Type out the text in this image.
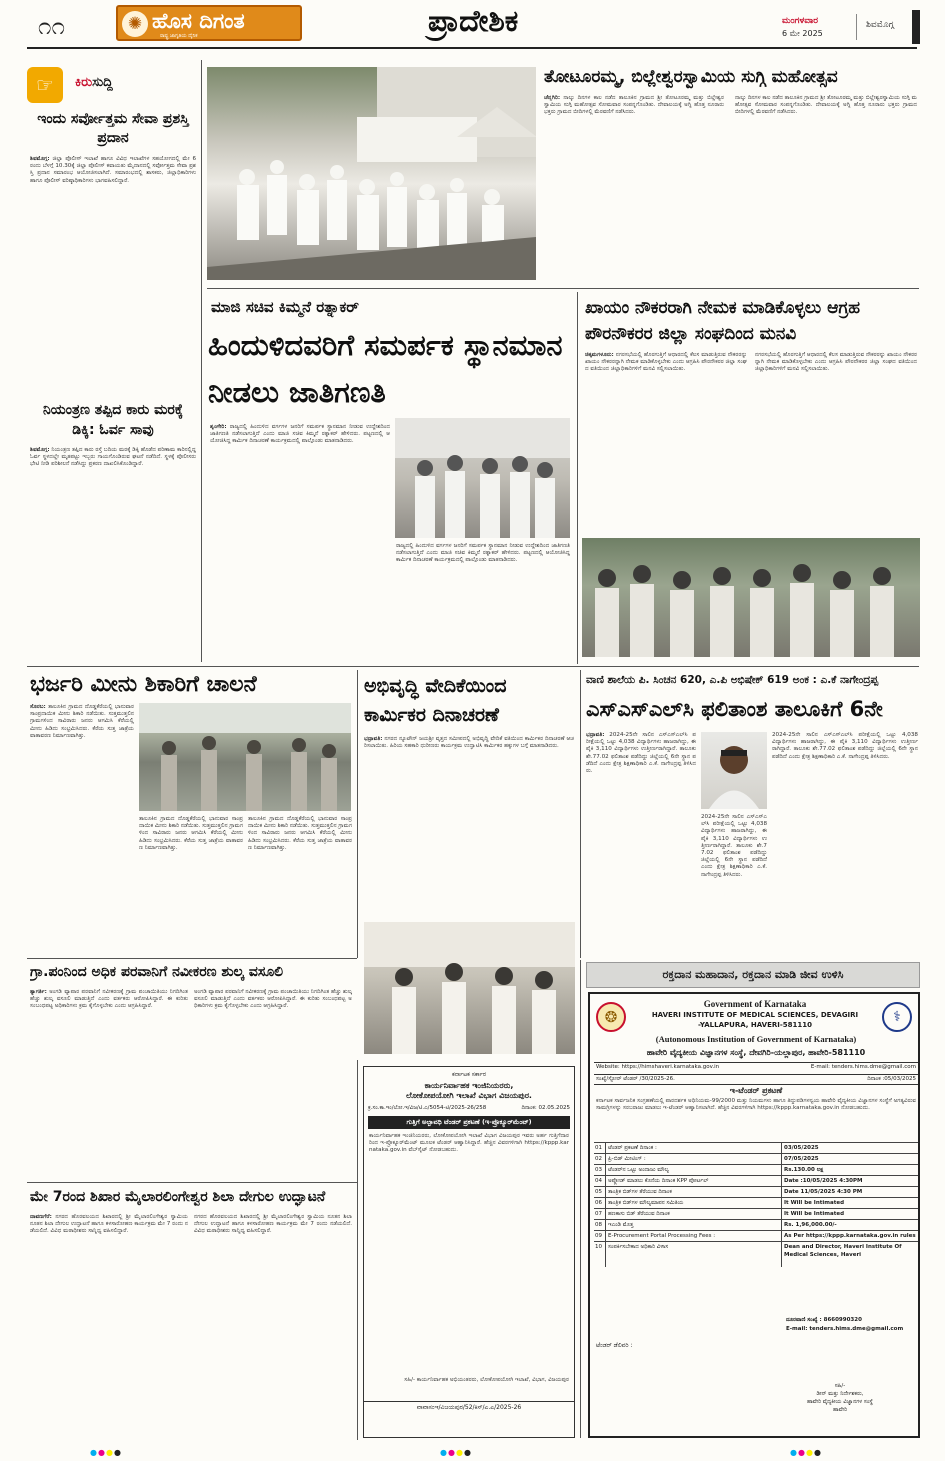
೧೧	✺ ಹೊಸ ದಿಗಂತ
ರಾಷ್ಟ್ರ ಜಾಗೃತಿಯ ದೈನಿಕ	ಪ್ರಾದೇಶಿಕ	ಮಂಗಳವಾರ
6 ಮೇ 2025
ಶಿವಮೊಗ್ಗ
☞	ಕಿರುಸುದ್ದಿ
ಇಂದು ಸರ್ವೋತ್ತಮ ಸೇವಾ ಪ್ರಶಸ್ತಿ ಪ್ರದಾನ
ಶಿವಮೊಗ್ಗ: ಜಿಲ್ಲಾ ಪೊಲೀಸ್ ಇಲಾಖೆ ಹಾಗೂ ವಿವಿಧ ಇಲಾಖೆಗಳ ಸಹಯೋಗದಲ್ಲಿ ಮೇ 6 ರಂದು ಬೆಳಗ್ಗೆ 10.30ಕ್ಕೆ ಜಿಲ್ಲಾ ಪೊಲೀಸ್ ಕವಾಯತು ಮೈದಾನದಲ್ಲಿ ಸರ್ವೋತ್ತಮ ಸೇವಾ ಪ್ರಶಸ್ತಿ ಪ್ರದಾನ ಸಮಾರಂಭ ಆಯೋಜಿಸಲಾಗಿದೆ. ಸಮಾರಂಭದಲ್ಲಿ ಶಾಸಕರು, ಜಿಲ್ಲಾಧಿಕಾರಿಗಳು ಹಾಗೂ ಪೊಲೀಸ್ ವರಿಷ್ಠಾಧಿಕಾರಿಗಳು ಭಾಗವಹಿಸಲಿದ್ದಾರೆ.
ನಿಯಂತ್ರಣ ತಪ್ಪಿದ ಕಾರು ಮರಕ್ಕೆ ಡಿಕ್ಕಿ: ಓರ್ವ ಸಾವು
ಶಿವಮೊಗ್ಗ: ನಿಯಂತ್ರಣ ತಪ್ಪಿದ ಕಾರು ರಸ್ತೆ ಬದಿಯ ಮರಕ್ಕೆ ಡಿಕ್ಕಿ ಹೊಡೆದ ಪರಿಣಾಮ ಕಾರಿನಲ್ಲಿದ್ದ ಓರ್ವ ಸ್ಥಳದಲ್ಲೇ ಮೃತಪಟ್ಟು ಇಬ್ಬರು ಗಾಯಗೊಂಡಿರುವ ಘಟನೆ ನಡೆದಿದೆ. ಸ್ಥಳಕ್ಕೆ ಪೊಲೀಸರು ಭೇಟಿ ನೀಡಿ ಪರಿಶೀಲನೆ ನಡೆಸಿದ್ದು ಪ್ರಕರಣ ದಾಖಲಿಸಿಕೊಂಡಿದ್ದಾರೆ.
ತೋಟೂರಮ್ಮ, ಬಿಲ್ಲೇಶ್ವರಸ್ವಾಮಿಯ ಸುಗ್ಗಿ ಮಹೋತ್ಸವ
ಚೆನ್ನಗಿರಿ: ನಾಲ್ಕು ದಿನಗಳ ಕಾಲ ನಡೆದ ತಾಲೂಕಿನ ಗ್ರಾಮದ ಶ್ರೀ ತೋಟೂರಮ್ಮ ಮತ್ತು ಬಿಲ್ಲೇಶ್ವರಸ್ವಾಮಿಯ ಸುಗ್ಗಿ ಮಹೋತ್ಸವ ಸೋಮವಾರ ಸಂಪನ್ನಗೊಂಡಿತು. ದೇವಾಲಯಕ್ಕೆ ಅಗ್ನಿ ಹೊತ್ತ ನೂರಾರು ಭಕ್ತರು ಗ್ರಾಮದ ಬೀದಿಗಳಲ್ಲಿ ಮೆರವಣಿಗೆ ನಡೆಸಿದರು.
ನಾಲ್ಕು ದಿನಗಳ ಕಾಲ ನಡೆದ ತಾಲೂಕಿನ ಗ್ರಾಮದ ಶ್ರೀ ತೋಟೂರಮ್ಮ ಮತ್ತು ಬಿಲ್ಲೇಶ್ವರಸ್ವಾಮಿಯ ಸುಗ್ಗಿ ಮಹೋತ್ಸವ ಸೋಮವಾರ ಸಂಪನ್ನಗೊಂಡಿತು. ದೇವಾಲಯಕ್ಕೆ ಅಗ್ನಿ ಹೊತ್ತ ನೂರಾರು ಭಕ್ತರು ಗ್ರಾಮದ ಬೀದಿಗಳಲ್ಲಿ ಮೆರವಣಿಗೆ ನಡೆಸಿದರು.
ಮಾಜಿ ಸಚಿವ ಕಿಮ್ಮನೆ ರತ್ನಾಕರ್
ಹಿಂದುಳಿದವರಿಗೆ ಸಮರ್ಪಕ ಸ್ಥಾನಮಾನ ನೀಡಲು ಜಾತಿಗಣತಿ
ಶೃಂಗೇರಿ: ರಾಜ್ಯದಲ್ಲಿ ಹಿಂದುಳಿದ ವರ್ಗಗಳ ಜನರಿಗೆ ಸಮರ್ಪಕ ಸ್ಥಾನಮಾನ ನೀಡುವ ಉದ್ದೇಶದಿಂದ ಜಾತಿಗಣತಿ ನಡೆಸಲಾಗುತ್ತಿದೆ ಎಂದು ಮಾಜಿ ಸಚಿವ ಕಿಮ್ಮನೆ ರತ್ನಾಕರ್ ಹೇಳಿದರು. ಪಟ್ಟಣದಲ್ಲಿ ಆಯೋಜಿಸಿದ್ದ ಕಾರ್ಮಿಕ ದಿನಾಚರಣೆ ಕಾರ್ಯಕ್ರಮದಲ್ಲಿ ಪಾಲ್ಗೊಂಡು ಮಾತನಾಡಿದರು.
ರಾಜ್ಯದಲ್ಲಿ ಹಿಂದುಳಿದ ವರ್ಗಗಳ ಜನರಿಗೆ ಸಮರ್ಪಕ ಸ್ಥಾನಮಾನ ನೀಡುವ ಉದ್ದೇಶದಿಂದ ಜಾತಿಗಣತಿ ನಡೆಸಲಾಗುತ್ತಿದೆ ಎಂದು ಮಾಜಿ ಸಚಿವ ಕಿಮ್ಮನೆ ರತ್ನಾಕರ್ ಹೇಳಿದರು. ಪಟ್ಟಣದಲ್ಲಿ ಆಯೋಜಿಸಿದ್ದ ಕಾರ್ಮಿಕ ದಿನಾಚರಣೆ ಕಾರ್ಯಕ್ರಮದಲ್ಲಿ ಪಾಲ್ಗೊಂಡು ಮಾತನಾಡಿದರು.
ಖಾಯಂ ನೌಕರರಾಗಿ ನೇಮಕ ಮಾಡಿಕೊಳ್ಳಲು ಆಗ್ರಹ ಪೌರನೌಕರರ ಜಿಲ್ಲಾ ಸಂಘದಿಂದ ಮನವಿ
ಚಿಕ್ಕಮಗಳೂರು: ನಗರಸಭೆಯಲ್ಲಿ ಹೊರಗುತ್ತಿಗೆ ಆಧಾರದಲ್ಲಿ ಕೆಲಸ ಮಾಡುತ್ತಿರುವ ನೌಕರರನ್ನು ಖಾಯಂ ನೌಕರರನ್ನಾಗಿ ನೇಮಕ ಮಾಡಿಕೊಳ್ಳಬೇಕು ಎಂದು ಆಗ್ರಹಿಸಿ ಪೌರನೌಕರರ ಜಿಲ್ಲಾ ಸಂಘದ ವತಿಯಿಂದ ಜಿಲ್ಲಾಧಿಕಾರಿಗಳಿಗೆ ಮನವಿ ಸಲ್ಲಿಸಲಾಯಿತು.
ನಗರಸಭೆಯಲ್ಲಿ ಹೊರಗುತ್ತಿಗೆ ಆಧಾರದಲ್ಲಿ ಕೆಲಸ ಮಾಡುತ್ತಿರುವ ನೌಕರರನ್ನು ಖಾಯಂ ನೌಕರರನ್ನಾಗಿ ನೇಮಕ ಮಾಡಿಕೊಳ್ಳಬೇಕು ಎಂದು ಆಗ್ರಹಿಸಿ ಪೌರನೌಕರರ ಜಿಲ್ಲಾ ಸಂಘದ ವತಿಯಿಂದ ಜಿಲ್ಲಾಧಿಕಾರಿಗಳಿಗೆ ಮನವಿ ಸಲ್ಲಿಸಲಾಯಿತು.
ಭರ್ಜರಿ ಮೀನು ಶಿಕಾರಿಗೆ ಚಾಲನೆ
ಸೊರಬ: ತಾಲೂಕಿನ ಗ್ರಾಮದ ದೊಡ್ಡಕೆರೆಯಲ್ಲಿ ಭಾನುವಾರ ಸಾಂಪ್ರದಾಯಿಕ ಮೀನು ಶಿಕಾರಿ ನಡೆಯಿತು. ಸುತ್ತಮುತ್ತಲಿನ ಗ್ರಾಮಗಳಿಂದ ಸಾವಿರಾರು ಜನರು ಆಗಮಿಸಿ ಕೆರೆಯಲ್ಲಿ ಮೀನು ಹಿಡಿದು ಸಂಭ್ರಮಿಸಿದರು. ಕೆರೆಯ ಸುತ್ತ ಜಾತ್ರೆಯ ವಾತಾವರಣ ನಿರ್ಮಾಣವಾಗಿತ್ತು.
ತಾಲೂಕಿನ ಗ್ರಾಮದ ದೊಡ್ಡಕೆರೆಯಲ್ಲಿ ಭಾನುವಾರ ಸಾಂಪ್ರದಾಯಿಕ ಮೀನು ಶಿಕಾರಿ ನಡೆಯಿತು. ಸುತ್ತಮುತ್ತಲಿನ ಗ್ರಾಮಗಳಿಂದ ಸಾವಿರಾರು ಜನರು ಆಗಮಿಸಿ ಕೆರೆಯಲ್ಲಿ ಮೀನು ಹಿಡಿದು ಸಂಭ್ರಮಿಸಿದರು. ಕೆರೆಯ ಸುತ್ತ ಜಾತ್ರೆಯ ವಾತಾವರಣ ನಿರ್ಮಾಣವಾಗಿತ್ತು.
ತಾಲೂಕಿನ ಗ್ರಾಮದ ದೊಡ್ಡಕೆರೆಯಲ್ಲಿ ಭಾನುವಾರ ಸಾಂಪ್ರದಾಯಿಕ ಮೀನು ಶಿಕಾರಿ ನಡೆಯಿತು. ಸುತ್ತಮುತ್ತಲಿನ ಗ್ರಾಮಗಳಿಂದ ಸಾವಿರಾರು ಜನರು ಆಗಮಿಸಿ ಕೆರೆಯಲ್ಲಿ ಮೀನು ಹಿಡಿದು ಸಂಭ್ರಮಿಸಿದರು. ಕೆರೆಯ ಸುತ್ತ ಜಾತ್ರೆಯ ವಾತಾವರಣ ನಿರ್ಮಾಣವಾಗಿತ್ತು.
ಅಭಿವೃದ್ಧಿ ವೇದಿಕೆಯಿಂದ ಕಾರ್ಮಿಕರ ದಿನಾಚರಣೆ
ಭದ್ರಾವತಿ: ನಗರದ ನ್ಯೂಟೌನ್ ಜಯಶ್ರೀ ವೃತ್ತದ ಸಮೀಪದಲ್ಲಿ ಅಭಿವೃದ್ಧಿ ವೇದಿಕೆ ವತಿಯಿಂದ ಕಾರ್ಮಿಕರ ದಿನಾಚರಣೆ ಆಚರಿಸಲಾಯಿತು. ಹಿರಿಯ ಸಹಕಾರಿ ಧುರೀಣರು ಕಾರ್ಯಕ್ರಮ ಉದ್ಘಾಟಿಸಿ ಕಾರ್ಮಿಕರ ಹಕ್ಕುಗಳ ಬಗ್ಗೆ ಮಾತನಾಡಿದರು.
ವಾಣಿ ಶಾಲೆಯ ಪಿ. ಸಿಂಚನ 620, ಎ.ಪಿ ಅಭಿಷೇಕ್ 619 ಅಂಕ : ಎ.ಕೆ ನಾಗೇಂದ್ರಪ್ಪ
ಎಸ್ಎಸ್ಎಲ್‌ಸಿ ಫಲಿತಾಂಶ ತಾಲೂಕಿಗೆ 6ನೇ
ಭದ್ರಾವತಿ: 2024-25ನೇ ಸಾಲಿನ ಎಸ್ಎಸ್ಎಲ್‌ಸಿ ಪರೀಕ್ಷೆಯಲ್ಲಿ ಒಟ್ಟು 4,038 ವಿದ್ಯಾರ್ಥಿಗಳು ಹಾಜರಾಗಿದ್ದು, ಈ ಪೈಕಿ 3,110 ವಿದ್ಯಾರ್ಥಿಗಳು ಉತ್ತೀರ್ಣರಾಗಿದ್ದಾರೆ. ತಾಲೂಕು ಶೇ.77.02 ಫಲಿತಾಂಶ ಪಡೆದಿದ್ದು ಜಿಲ್ಲೆಯಲ್ಲಿ 6ನೇ ಸ್ಥಾನ ಪಡೆದಿದೆ ಎಂದು ಕ್ಷೇತ್ರ ಶಿಕ್ಷಣಾಧಿಕಾರಿ ಎ.ಕೆ. ನಾಗೇಂದ್ರಪ್ಪ ತಿಳಿಸಿದರು.
2024-25ನೇ ಸಾಲಿನ ಎಸ್ಎಸ್ಎಲ್‌ಸಿ ಪರೀಕ್ಷೆಯಲ್ಲಿ ಒಟ್ಟು 4,038 ವಿದ್ಯಾರ್ಥಿಗಳು ಹಾಜರಾಗಿದ್ದು, ಈ ಪೈಕಿ 3,110 ವಿದ್ಯಾರ್ಥಿಗಳು ಉತ್ತೀರ್ಣರಾಗಿದ್ದಾರೆ. ತಾಲೂಕು ಶೇ.77.02 ಫಲಿತಾಂಶ ಪಡೆದಿದ್ದು ಜಿಲ್ಲೆಯಲ್ಲಿ 6ನೇ ಸ್ಥಾನ ಪಡೆದಿದೆ ಎಂದು ಕ್ಷೇತ್ರ ಶಿಕ್ಷಣಾಧಿಕಾರಿ ಎ.ಕೆ. ನಾಗೇಂದ್ರಪ್ಪ ತಿಳಿಸಿದರು.
2024-25ನೇ ಸಾಲಿನ ಎಸ್ಎಸ್ಎಲ್‌ಸಿ ಪರೀಕ್ಷೆಯಲ್ಲಿ ಒಟ್ಟು 4,038 ವಿದ್ಯಾರ್ಥಿಗಳು ಹಾಜರಾಗಿದ್ದು, ಈ ಪೈಕಿ 3,110 ವಿದ್ಯಾರ್ಥಿಗಳು ಉತ್ತೀರ್ಣರಾಗಿದ್ದಾರೆ. ತಾಲೂಕು ಶೇ.77.02 ಫಲಿತಾಂಶ ಪಡೆದಿದ್ದು ಜಿಲ್ಲೆಯಲ್ಲಿ 6ನೇ ಸ್ಥಾನ ಪಡೆದಿದೆ ಎಂದು ಕ್ಷೇತ್ರ ಶಿಕ್ಷಣಾಧಿಕಾರಿ ಎ.ಕೆ. ನಾಗೇಂದ್ರಪ್ಪ ತಿಳಿಸಿದರು.
ಗ್ರಾ.ಪಂನಿಂದ ಅಧಿಕ ಪರವಾನಿಗೆ ನವೀಕರಣ ಶುಲ್ಕ ವಸೂಲಿ
ತ್ಯಾಗರ್ತಿ: ಅಂಗಡಿ ವ್ಯಾಪಾರ ಪರವಾನಿಗೆ ನವೀಕರಣಕ್ಕೆ ಗ್ರಾಮ ಪಂಚಾಯಿತಿಯು ನಿಗದಿಗಿಂತ ಹೆಚ್ಚು ಶುಲ್ಕ ವಸೂಲಿ ಮಾಡುತ್ತಿದೆ ಎಂದು ವರ್ತಕರು ಆರೋಪಿಸಿದ್ದಾರೆ. ಈ ಕುರಿತು ಸಂಬಂಧಪಟ್ಟ ಅಧಿಕಾರಿಗಳು ಕ್ರಮ ಕೈಗೊಳ್ಳಬೇಕು ಎಂದು ಆಗ್ರಹಿಸಿದ್ದಾರೆ.
ಅಂಗಡಿ ವ್ಯಾಪಾರ ಪರವಾನಿಗೆ ನವೀಕರಣಕ್ಕೆ ಗ್ರಾಮ ಪಂಚಾಯಿತಿಯು ನಿಗದಿಗಿಂತ ಹೆಚ್ಚು ಶುಲ್ಕ ವಸೂಲಿ ಮಾಡುತ್ತಿದೆ ಎಂದು ವರ್ತಕರು ಆರೋಪಿಸಿದ್ದಾರೆ. ಈ ಕುರಿತು ಸಂಬಂಧಪಟ್ಟ ಅಧಿಕಾರಿಗಳು ಕ್ರಮ ಕೈಗೊಳ್ಳಬೇಕು ಎಂದು ಆಗ್ರಹಿಸಿದ್ದಾರೆ.
ಮೇ 7ರಂದ ಶಿಖಾರ ಮೈಲಾರಲಿಂಗೇಶ್ವರ ಶಿಲಾ ದೇಗುಲ ಉದ್ಘಾಟನೆ
ದಾವಣಗೆರೆ: ನಗರದ ಹೊರವಲಯದ ಶಿಖಾರದಲ್ಲಿ ಶ್ರೀ ಮೈಲಾರಲಿಂಗೇಶ್ವರ ಸ್ವಾಮಿಯ ನೂತನ ಶಿಲಾ ದೇಗುಲ ಉದ್ಘಾಟನೆ ಹಾಗೂ ಕಳಸಾರೋಹಣ ಕಾರ್ಯಕ್ರಮ ಮೇ 7 ರಂದು ನಡೆಯಲಿದೆ. ವಿವಿಧ ಮಠಾಧೀಶರು ಸಾನ್ನಿಧ್ಯ ವಹಿಸಲಿದ್ದಾರೆ.
ನಗರದ ಹೊರವಲಯದ ಶಿಖಾರದಲ್ಲಿ ಶ್ರೀ ಮೈಲಾರಲಿಂಗೇಶ್ವರ ಸ್ವಾಮಿಯ ನೂತನ ಶಿಲಾ ದೇಗುಲ ಉದ್ಘಾಟನೆ ಹಾಗೂ ಕಳಸಾರೋಹಣ ಕಾರ್ಯಕ್ರಮ ಮೇ 7 ರಂದು ನಡೆಯಲಿದೆ. ವಿವಿಧ ಮಠಾಧೀಶರು ಸಾನ್ನಿಧ್ಯ ವಹಿಸಲಿದ್ದಾರೆ.
ಕರ್ನಾಟಕ ಸರ್ಕಾರ
ಕಾರ್ಯನಿರ್ವಾಹಕ ಇಂಜಿನಿಯರರು,
ಲೋಕೋಪಯೋಗಿ ಇಲಾಖೆ ವಿಭಾಗ ವಿಜಯಪುರ.
ಕ್ರ.ಸಂ.ಕಾ.ಇಂ/ಲೋ.ಇ/ವಿಜ/ಟಿ.ಎ/5054-ಟಿ/2025-26/258	ದಿನಾಂಕ: 02.05.2025
ಗುತ್ತಿಗೆ ಅಲ್ಪಾವಧಿ ಟೆಂಡರ್ ಪ್ರಕಟಣೆ (ಇ-ಪ್ರೊಕ್ಯೂರ್‌ಮೆಂಟ್)
ಕಾರ್ಯನಿರ್ವಾಹಕ ಇಂಜಿನಿಯರರು, ಲೋಕೋಪಯೋಗಿ ಇಲಾಖೆ ವಿಭಾಗ ವಿಜಯಪುರ ಇವರು ಅರ್ಹ ಗುತ್ತಿಗೆದಾರರಿಂದ ಇ-ಪ್ರೊಕ್ಯೂರ್‌ಮೆಂಟ್ ಮೂಲಕ ಟೆಂಡರ್ ಆಹ್ವಾನಿಸಿದ್ದಾರೆ. ಹೆಚ್ಚಿನ ವಿವರಗಳಿಗಾಗಿ https://kppp.karnataka.gov.in ವೆಬ್‌ಸೈಟ್ ನೋಡಬಹುದು.
ಸಹಿ/- ಕಾರ್ಯನಿರ್ವಾಹಕ ಅಭಿಯಂತರರು, ಲೋಕೋಪಯೋಗಿ ಇಲಾಖೆ, ವಿಭಾಗ, ವಿಜಯಪುರ
ವಾವಾಸಂಇ/ವಿಜಯಪುರ/52/ಕಿಸ್/ಎ.ಎ/2025-26
ರಕ್ತದಾನ ಮಹಾದಾನ, ರಕ್ತದಾನ ಮಾಡಿ ಜೀವ ಉಳಿಸಿ
❂	⚕
Government of Karnataka
HAVERI INSTITUTE OF MEDICAL SCIENCES, DEVAGIRI
-YALLAPURA, HAVERI-581110
(Autonomous Institution of Government of Karnataka)
ಹಾವೇರಿ ವೈದ್ಯಕೀಯ ವಿಜ್ಞಾನಗಳ ಸಂಸ್ಥೆ, ದೇವಗಿರಿ-ಯಲ್ಲಾಪುರ, ಹಾವೇರಿ-581110
Website: https://himshaveri.karnataka.gov.in	E-mail: tenders.hims.dme@gmail.com
ಸಂಖ್ಯೆ/ಸ್ಟೋರ್ ಟೆಂಡರ್ /30/2025-26.	ದಿನಾಂಕ :05/03/2025
ಇ-ಟೆಂಡರ್ ಪ್ರಕಟಣೆ
ಕರ್ನಾಟಕ ಸಾರ್ವಜನಿಕ ಸಂಗ್ರಹಣೆಯಲ್ಲಿ ಪಾರದರ್ಶಕ ಅಧಿನಿಯಮ-99/2000 ಮತ್ತು ನಿಯಮಗಳು ಹಾಗೂ ತಿದ್ದುಪಡಿಗಳನ್ವಯ ಹಾವೇರಿ ವೈದ್ಯಕೀಯ ವಿಜ್ಞಾನಗಳ ಸಂಸ್ಥೆಗೆ ಅಗತ್ಯವಿರುವ ಸಾಮಗ್ರಿಗಳನ್ನು ಸರಬರಾಜು ಮಾಡಲು ಇ-ಟೆಂಡರ್ ಆಹ್ವಾನಿಸಲಾಗಿದೆ. ಹೆಚ್ಚಿನ ವಿವರಗಳಿಗಾಗಿ https://kppp.karnataka.gov.in ನೋಡಬಹುದು.
01	ಟೆಂಡರ್ ಪ್ರಕಟಣೆ ದಿನಾಂಕ :	03/05/2025
02	ಪ್ರಿ-ಬಿಡ್ ಮೀಟಿಂಗ್ :	07/05/2025
03	ಟೆಂಡರ್‌ನ ಒಟ್ಟು ಅಂದಾಜು ಮೌಲ್ಯ	Rs.130.00 ಲಕ್ಷ
04	ಅಪ್ಲೋಡ್ ಮಾಡಲು ಕೊನೆಯ ದಿನಾಂಕ KPP ಪೋರ್ಟಲ್	Date :10/05/2025 4:30PM
05	ತಾಂತ್ರಿಕ ಬಿಡ್‌ಗಳ ತೆರೆಯುವ ದಿನಾಂಕ	Date 11/05/2025 4:30 PM
06	ತಾಂತ್ರಿಕ ಬಿಡ್‌ಗಳ ಮೌಲ್ಯಮಾಪನ ಸಮಿತಿಯ	It Will be Intimated
07	ಹಣಕಾಸು ಬಿಡ್ ತೆರೆಯುವ ದಿನಾಂಕ	It Will be Intimated
08	ಇಎಂಡಿ ಮೊತ್ತ	Rs. 1,96,000.00/-
09	E-Procurement Portal Processing Fees :	As Per https://kppp.karnataka.gov.in rules
10	ಸಂಪರ್ಕಿಸಬೇಕಾದ ಅಧಿಕಾರಿ ವಿಳಾಸ	Dean and Director, Haveri Institute Of Medical Sciences, Haveri
ದೂರವಾಣಿ ಸಂಖ್ಯೆ : 8660990320
E-mail: tenders.hims.dme@gmail.com
ಟೆಂಡರ್ ಡೆಲಿವರಿ :
ಸಹಿ/-
ಡೀನ್ ಮತ್ತು ನಿರ್ದೇಶಕರು,
ಹಾವೇರಿ ವೈದ್ಯಕೀಯ ವಿಜ್ಞಾನಗಳ ಸಂಸ್ಥೆ
ಹಾವೇರಿ
●●●●	●●●●	●●●●
